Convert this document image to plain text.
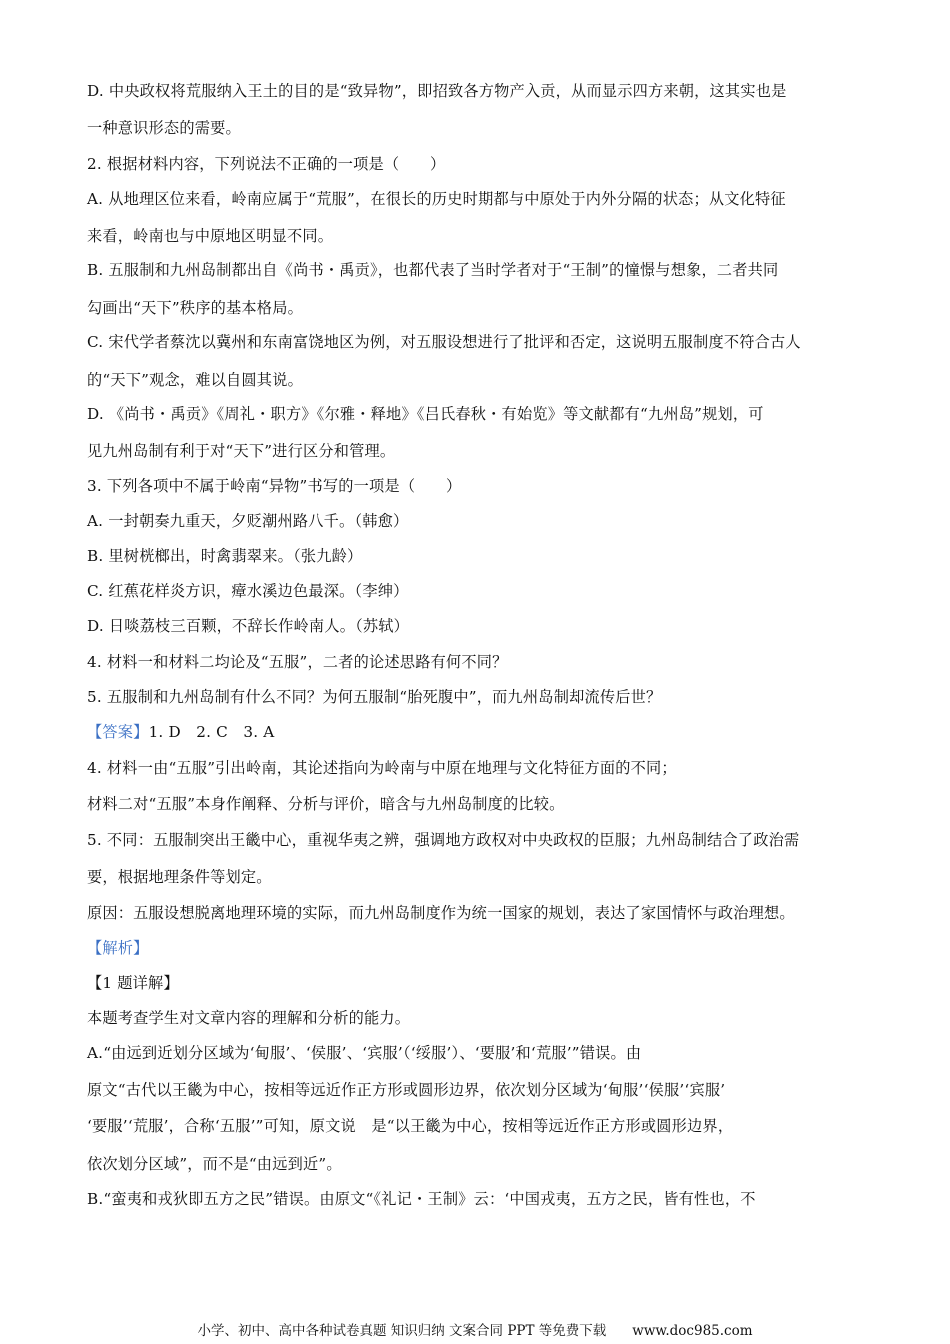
D. 中央政权将荒服纳入王土的目的是“致异物”，即招致各方物产入贡，从而显示四方来朝，这其实也是
一种意识形态的需要。
2. 根据材料内容，下列说法不正确的一项是（　　）
A. 从地理区位来看，岭南应属于“荒服”，在很长的历史时期都与中原处于内外分隔的状态；从文化特征
来看，岭南也与中原地区明显不同。
B. 五服制和九州岛制都出自《尚书・禹贡》，也都代表了当时学者对于“王制”的憧憬与想象，二者共同
勾画出“天下”秩序的基本格局。
C. 宋代学者蔡沈以冀州和东南富饶地区为例，对五服设想进行了批评和否定，这说明五服制度不符合古人
的“天下”观念，难以自圆其说。
D. 《尚书・禹贡》《周礼・职方》《尔雅・释地》《吕氏春秋・有始览》等文献都有“九州岛”规划，可
见九州岛制有利于对“天下”进行区分和管理。
3. 下列各项中不属于岭南“异物”书写的一项是（　　）
A. 一封朝奏九重天，夕贬潮州路八千。（韩愈）
B. 里树桄榔出，时禽翡翠来。（张九龄）
C. 红蕉花样炎方识，瘴水溪边色最深。（李绅）
D. 日啖荔枝三百颗，不辞长作岭南人。（苏轼）
4. 材料一和材料二均论及“五服”，二者的论述思路有何不同？
5. 五服制和九州岛制有什么不同？为何五服制“胎死腹中”，而九州岛制却流传后世？
【答案】1. D　2. C　3. A
4. 材料一由“五服”引出岭南，其论述指向为岭南与中原在地理与文化特征方面的不同；
材料二对“五服”本身作阐释、分析与评价，暗含与九州岛制度的比较。
5. 不同：五服制突出王畿中心，重视华夷之辨，强调地方政权对中央政权的臣服；九州岛制结合了政治需
要，根据地理条件等划定。
原因：五服设想脱离地理环境的实际，而九州岛制度作为统一国家的规划，表达了家国情怀与政治理想。
【解析】
【1 题详解】
本题考查学生对文章内容的理解和分析的能力。
A.“由远到近划分区域为‘甸服’、‘侯服’、‘宾服’（‘绥服’）、‘要服’和‘荒服’”错误。由
原文“古代以王畿为中心，按相等远近作正方形或圆形边界，依次划分区域为‘甸服’‘侯服’‘宾服’
‘要服’‘荒服’，合称‘五服’”可知，原文说　是“以王畿为中心，按相等远近作正方形或圆形边界，
依次划分区域”，而不是“由远到近”。
B.“蛮夷和戎狄即五方之民”错误。由原文“《礼记・王制》云：‘中国戎夷，五方之民，皆有性也，不
小学、初中、高中各种试卷真题 知识归纳 文案合同 PPT 等免费下载 www.doc985.com
